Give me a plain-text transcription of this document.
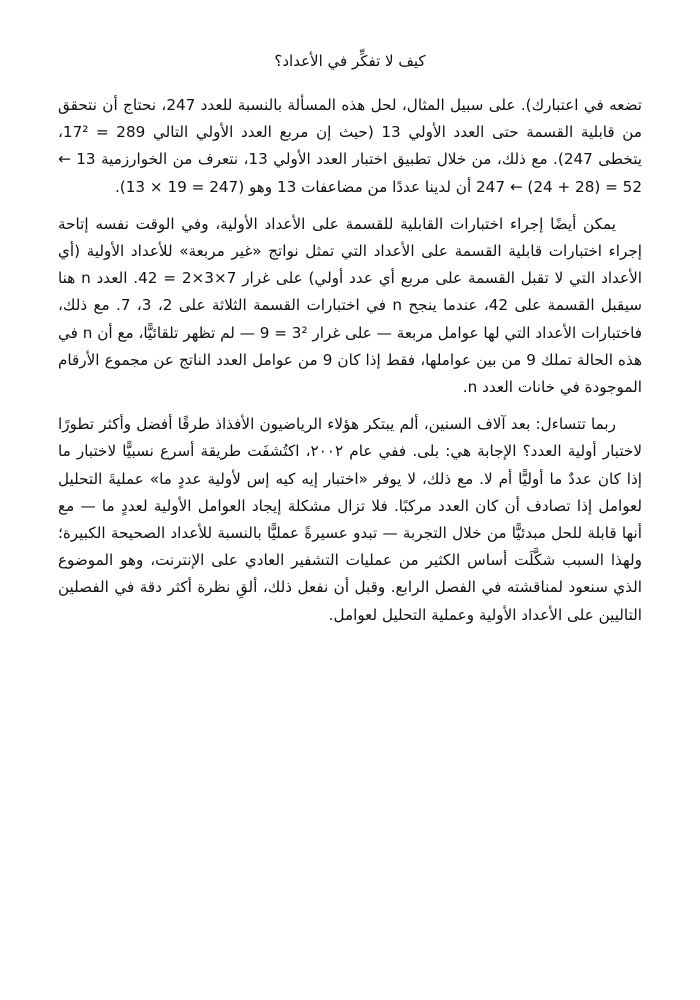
كيف لا تفكِّر في الأعداد؟

تضعه في اعتبارك). على سبيل المثال، لحل هذه المسألة بالنسبة للعدد 247، نحتاج أن نتحقق من قابلية القسمة حتى العدد الأولي 13 (حيث إن مربع العدد الأولي التالي 289 = 17²، يتخطى 247). مع ذلك، من خلال تطبيق اختبار العدد الأولي 13، نتعرف من الخوارزمية 13 ← 52 = (28 + 24) ← 247 أن لدينا عددًا من مضاعفات 13 وهو (247 = 19 × 13).

يمكن أيضًا إجراء اختبارات القابلية للقسمة على الأعداد الأولية، وفي الوقت نفسه إتاحة إجراء اختبارات قابلية القسمة على الأعداد التي تمثل نواتج «غير مربعة» للأعداد الأولية (أي الأعداد التي لا تقبل القسمة على مربع أي عدد أولي) على غرار 7×3×2 = 42. العدد n هنا سيقبل القسمة على 42، عندما ينجح n في اختبارات القسمة الثلاثة على 2، 3، 7. مع ذلك، فاختبارات الأعداد التي لها عوامل مربعة — على غرار 3² = 9 — لم تظهر تلقائيًّا، مع أن n في هذه الحالة تملك 9 من بين عواملها، فقط إذا كان 9 من عوامل العدد الناتج عن مجموع الأرقام الموجودة في خانات العدد n.

ربما تتساءل: بعد آلاف السنين، ألم يبتكر هؤلاء الرياضيون الأفذاذ طرقًا أفضل وأكثر تطورًا لاختبار أولية العدد؟ الإجابة هي: بلى. ففي عام ٢٠٠٢، اكتُشفَت طريقة أسرع نسبيًّا لاختبار ما إذا كان عددٌ ما أوليًّا أم لا. مع ذلك، لا يوفر «اختبار إيه كيه إس لأولية عددٍ ما» عمليةَ التحليل لعوامل إذا تصادف أن كان العدد مركبًا. فلا تزال مشكلة إيجاد العوامل الأولية لعددٍ ما — مع أنها قابلة للحل مبدئيًّا من خلال التجربة — تبدو عسيرةً عمليًّا بالنسبة للأعداد الصحيحة الكبيرة؛ ولهذا السبب شكَّلَت أساس الكثير من عمليات التشفير العادي على الإنترنت، وهو الموضوع الذي سنعود لمناقشته في الفصل الرابع. وقبل أن نفعل ذلك، ألقِ نظرة أكثر دقة في الفصلين التاليين على الأعداد الأولية وعملية التحليل لعوامل.
